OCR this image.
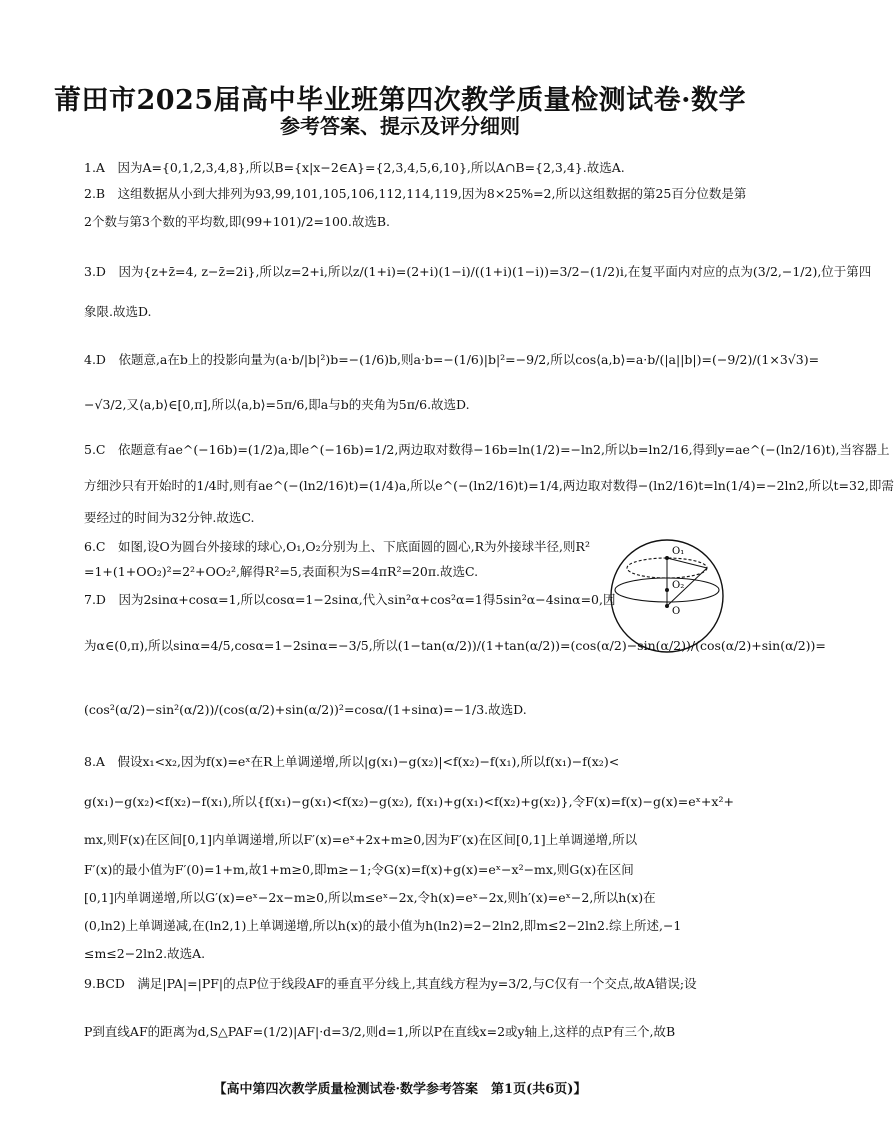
莆田市2025届高中毕业班第四次教学质量检测试卷·数学
参考答案、提示及评分细则
1.A　因为A={0,1,2,3,4,8},所以B={x|x−2∈A}={2,3,4,5,6,10},所以A∩B={2,3,4}.故选A.
2.B　这组数据从小到大排列为93,99,101,105,106,112,114,119,因为8×25%=2,所以这组数据的第25百分位数是第
2个数与第3个数的平均数,即(99+101)/2=100.故选B.
3.D　因为{z+z̄=4, z−z̄=2i},所以z=2+i,所以z/(1+i)=(2+i)(1−i)/((1+i)(1−i))=3/2−(1/2)i,在复平面内对应的点为(3/2,−1/2),位于第四
象限.故选D.
4.D　依题意,a在b上的投影向量为(a·b/|b|²)b=−(1/6)b,则a·b=−(1/6)|b|²=−9/2,所以cos⟨a,b⟩=a·b/(|a||b|)=(−9/2)/(1×3√3)=
−√3/2,又⟨a,b⟩∈[0,π],所以⟨a,b⟩=5π/6,即a与b的夹角为5π/6.故选D.
5.C　依题意有ae^(−16b)=(1/2)a,即e^(−16b)=1/2,两边取对数得−16b=ln(1/2)=−ln2,所以b=ln2/16,得到y=ae^(−(ln2/16)t),当容器上
方细沙只有开始时的1/4时,则有ae^(−(ln2/16)t)=(1/4)a,所以e^(−(ln2/16)t)=1/4,两边取对数得−(ln2/16)t=ln(1/4)=−2ln2,所以t=32,即需
要经过的时间为32分钟.故选C.
6.C　如图,设O为圆台外接球的球心,O₁,O₂分别为上、下底面圆的圆心,R为外接球半径,则R²
=1+(1+OO₂)²=2²+OO₂²,解得R²=5,表面积为S=4πR²=20π.故选C.
7.D　因为2sinα+cosα=1,所以cosα=1−2sinα,代入sin²α+cos²α=1得5sin²α−4sinα=0,因
为α∈(0,π),所以sinα=4/5,cosα=1−2sinα=−3/5,所以(1−tan(α/2))/(1+tan(α/2))=(cos(α/2)−sin(α/2))/(cos(α/2)+sin(α/2))=
(cos²(α/2)−sin²(α/2))/(cos(α/2)+sin(α/2))²=cosα/(1+sinα)=−1/3.故选D.
8.A　假设x₁<x₂,因为f(x)=eˣ在R上单调递增,所以|g(x₁)−g(x₂)|<f(x₂)−f(x₁),所以f(x₁)−f(x₂)<
g(x₁)−g(x₂)<f(x₂)−f(x₁),所以{f(x₁)−g(x₁)<f(x₂)−g(x₂), f(x₁)+g(x₁)<f(x₂)+g(x₂)},令F(x)=f(x)−g(x)=eˣ+x²+
mx,则F(x)在区间[0,1]内单调递增,所以F′(x)=eˣ+2x+m≥0,因为F′(x)在区间[0,1]上单调递增,所以
F′(x)的最小值为F′(0)=1+m,故1+m≥0,即m≥−1;令G(x)=f(x)+g(x)=eˣ−x²−mx,则G(x)在区间
[0,1]内单调递增,所以G′(x)=eˣ−2x−m≥0,所以m≤eˣ−2x,令h(x)=eˣ−2x,则h′(x)=eˣ−2,所以h(x)在
(0,ln2)上单调递减,在(ln2,1)上单调递增,所以h(x)的最小值为h(ln2)=2−2ln2,即m≤2−2ln2.综上所述,−1
≤m≤2−2ln2.故选A.
9.BCD　满足|PA|=|PF|的点P位于线段AF的垂直平分线上,其直线方程为y=3/2,与C仅有一个交点,故A错误;设
P到直线AF的距离为d,S△PAF=(1/2)|AF|·d=3/2,则d=1,所以P在直线x=2或y轴上,这样的点P有三个,故B
O₁
O₂
O
【高中第四次教学质量检测试卷·数学参考答案　第1页(共6页)】
